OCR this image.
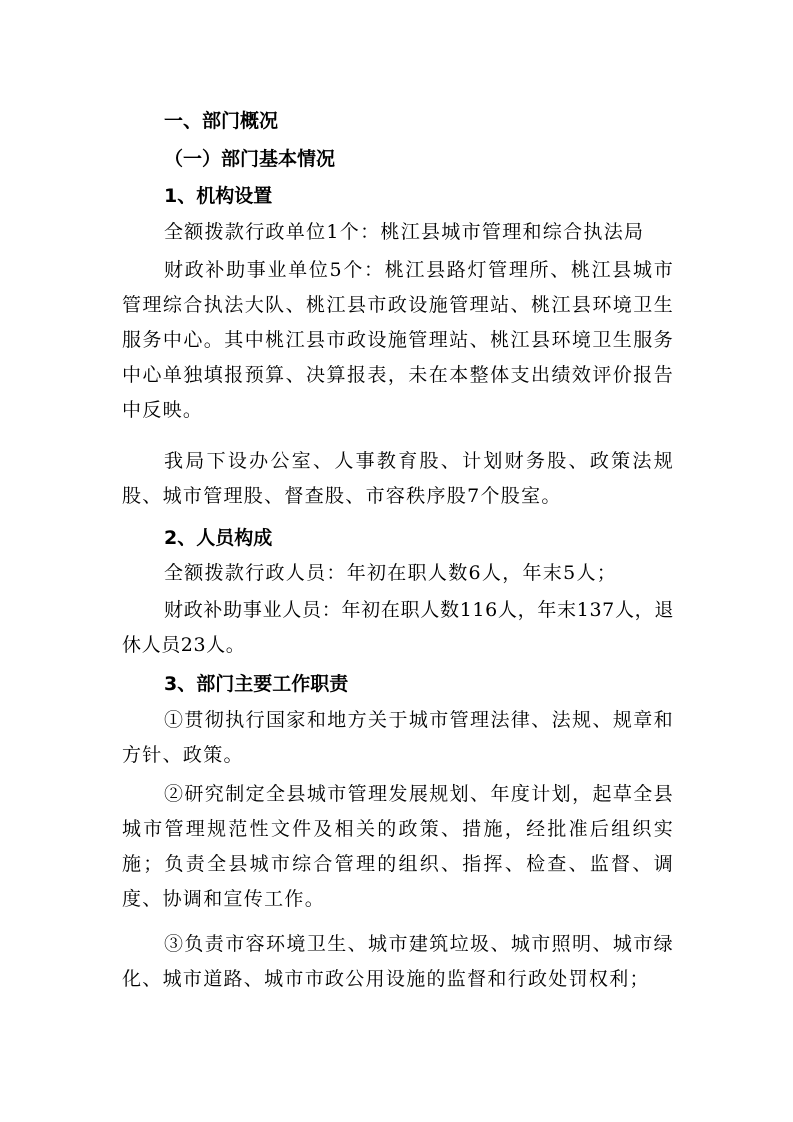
一、部门概况
（一）部门基本情况
1、机构设置

全额拨款行政单位1个：桃江县城市管理和综合执法局

财政补助事业单位5个：桃江县路灯管理所、桃江县城市管理综合执法大队、桃江县市政设施管理站、桃江县环境卫生服务中心。其中桃江县市政设施管理站、桃江县环境卫生服务中心单独填报预算、决算报表，未在本整体支出绩效评价报告中反映。

我局下设办公室、人事教育股、计划财务股、政策法规股、城市管理股、督查股、市容秩序股7个股室。

2、人员构成

全额拨款行政人员：年初在职人数6人，年末5人；

财政补助事业人员：年初在职人数116人，年末137人，退休人员23人。

3、部门主要工作职责

①贯彻执行国家和地方关于城市管理法律、法规、规章和方针、政策。

②研究制定全县城市管理发展规划、年度计划，起草全县城市管理规范性文件及相关的政策、措施，经批准后组织实施；负责全县城市综合管理的组织、指挥、检查、监督、调度、协调和宣传工作。

③负责市容环境卫生、城市建筑垃圾、城市照明、城市绿化、城市道路、城市市政公用设施的监督和行政处罚权利；
